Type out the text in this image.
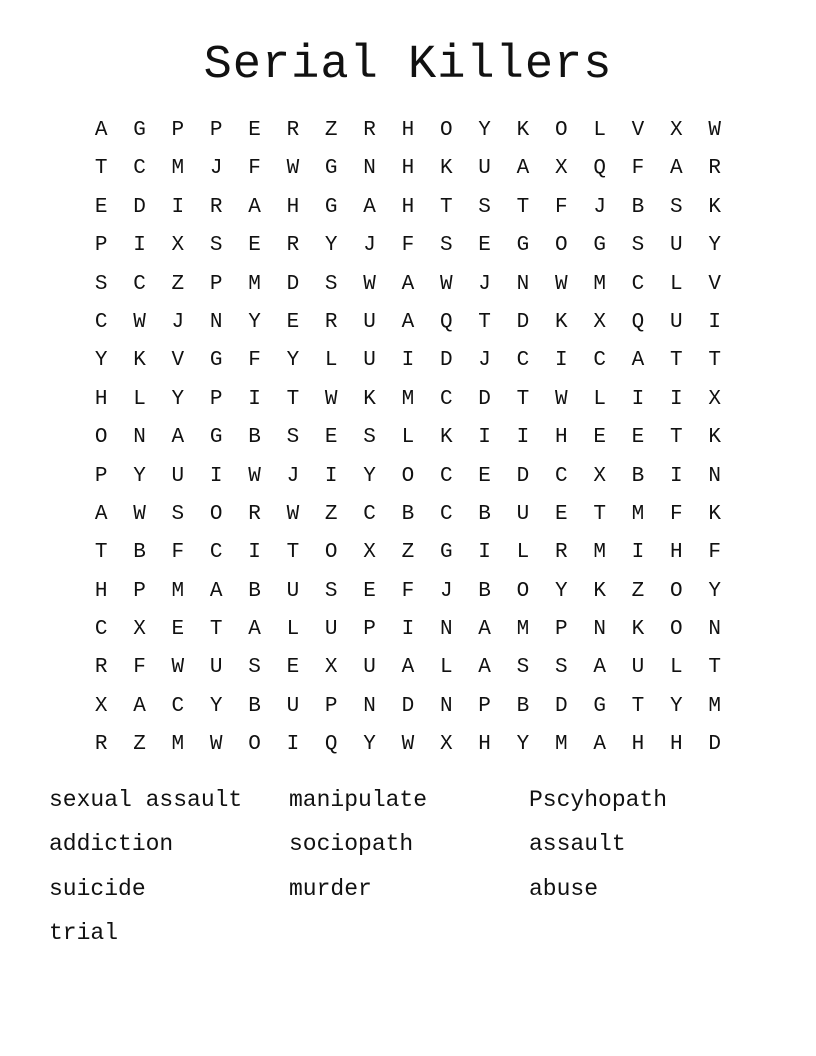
Serial Killers
A	G	P	P	E	R	Z	R	H	O	Y	K	O	L	V	X	W
T	C	M	J	F	W	G	N	H	K	U	A	X	Q	F	A	R
E	D	I	R	A	H	G	A	H	T	S	T	F	J	B	S	K
P	I	X	S	E	R	Y	J	F	S	E	G	O	G	S	U	Y
S	C	Z	P	M	D	S	W	A	W	J	N	W	M	C	L	V
C	W	J	N	Y	E	R	U	A	Q	T	D	K	X	Q	U	I
Y	K	V	G	F	Y	L	U	I	D	J	C	I	C	A	T	T
H	L	Y	P	I	T	W	K	M	C	D	T	W	L	I	I	X
O	N	A	G	B	S	E	S	L	K	I	I	H	E	E	T	K
P	Y	U	I	W	J	I	Y	O	C	E	D	C	X	B	I	N
A	W	S	O	R	W	Z	C	B	C	B	U	E	T	M	F	K
T	B	F	C	I	T	O	X	Z	G	I	L	R	M	I	H	F
H	P	M	A	B	U	S	E	F	J	B	O	Y	K	Z	O	Y
C	X	E	T	A	L	U	P	I	N	A	M	P	N	K	O	N
R	F	W	U	S	E	X	U	A	L	A	S	S	A	U	L	T
X	A	C	Y	B	U	P	N	D	N	P	B	D	G	T	Y	M
R	Z	M	W	O	I	Q	Y	W	X	H	Y	M	A	H	H	D
sexual assault	manipulate	Pscyhopath
addiction	sociopath	assault
suicide	murder	abuse
trial
